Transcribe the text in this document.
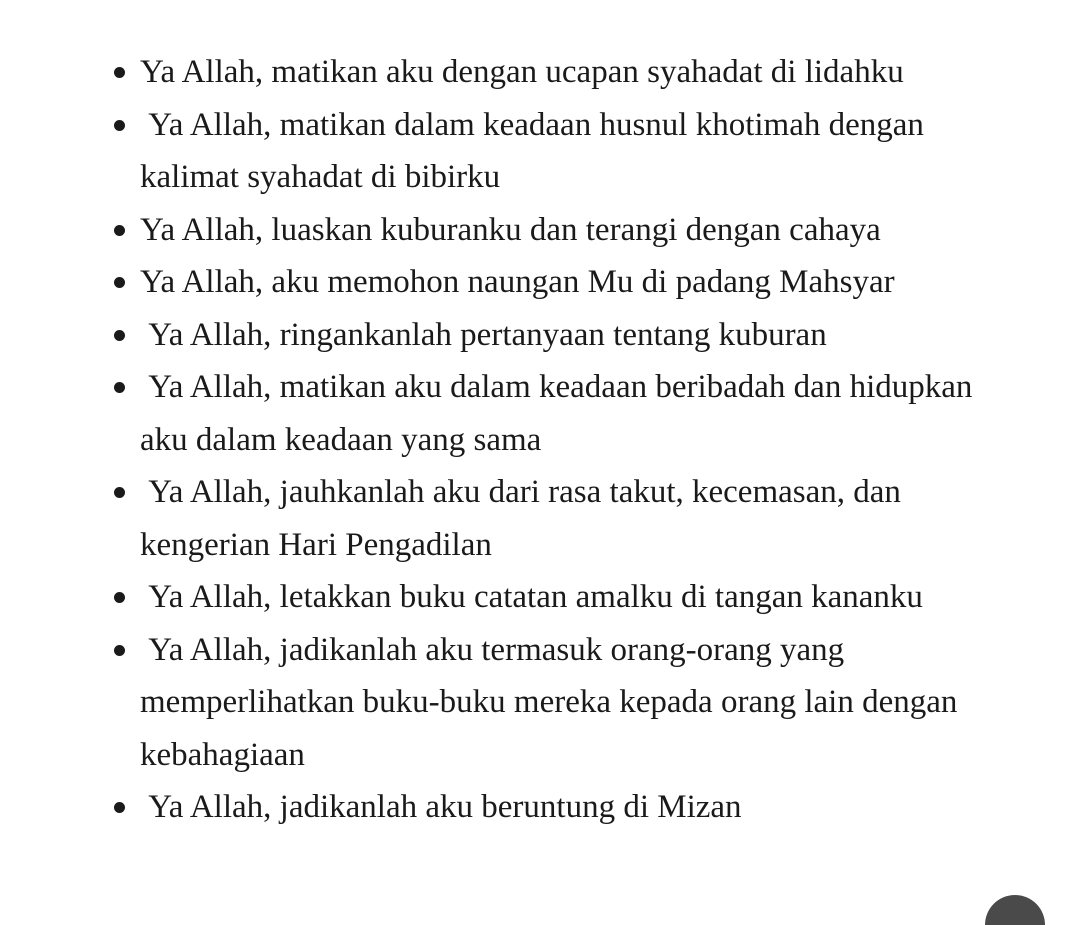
Ya Allah, matikan aku dengan ucapan syahadat di lidahku
Ya Allah, matikan dalam keadaan husnul khotimah dengan kalimat syahadat di bibirku
Ya Allah, luaskan kuburanku dan terangi dengan cahaya
Ya Allah, aku memohon naungan Mu di padang Mahsyar
Ya Allah, ringankanlah pertanyaan tentang kuburan
Ya Allah, matikan aku dalam keadaan beribadah dan hidupkan aku dalam keadaan yang sama
Ya Allah, jauhkanlah aku dari rasa takut, kecemasan, dan kengerian Hari Pengadilan
Ya Allah, letakkan buku catatan amalku di tangan kananku
Ya Allah, jadikanlah aku termasuk orang-orang yang memperlihatkan buku-buku mereka kepada orang lain dengan kebahagiaan
Ya Allah, jadikanlah aku beruntung di Mizan
